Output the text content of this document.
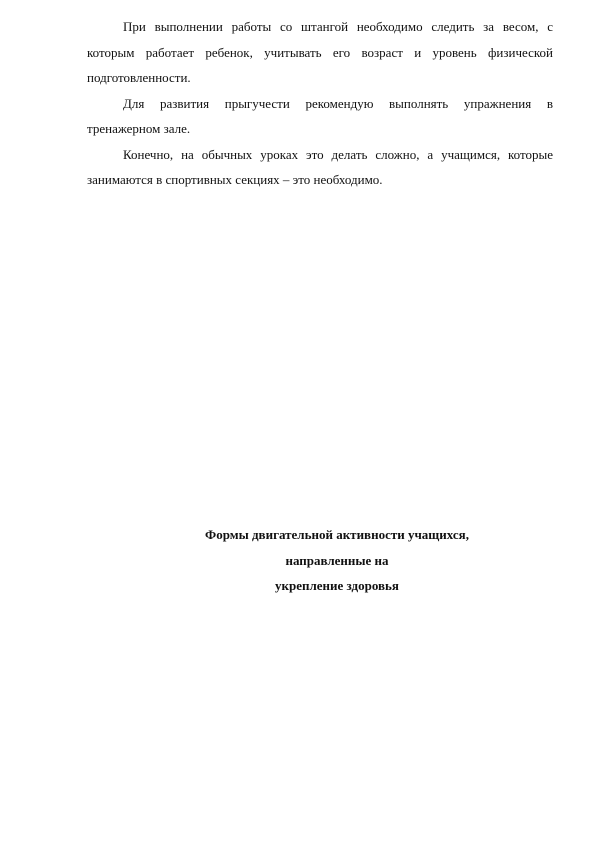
При выполнении работы со штангой необходимо следить за весом, с которым работает ребенок, учитывать его возраст и уровень физической подготовленности.

Для развития прыгучести рекомендую выполнять упражнения в тренажерном зале.

Конечно, на обычных уроках это делать сложно, а учащимся, которые занимаются в спортивных секциях – это необходимо.

Формы двигательной активности учащихся,
направленные на
укрепление здоровья
